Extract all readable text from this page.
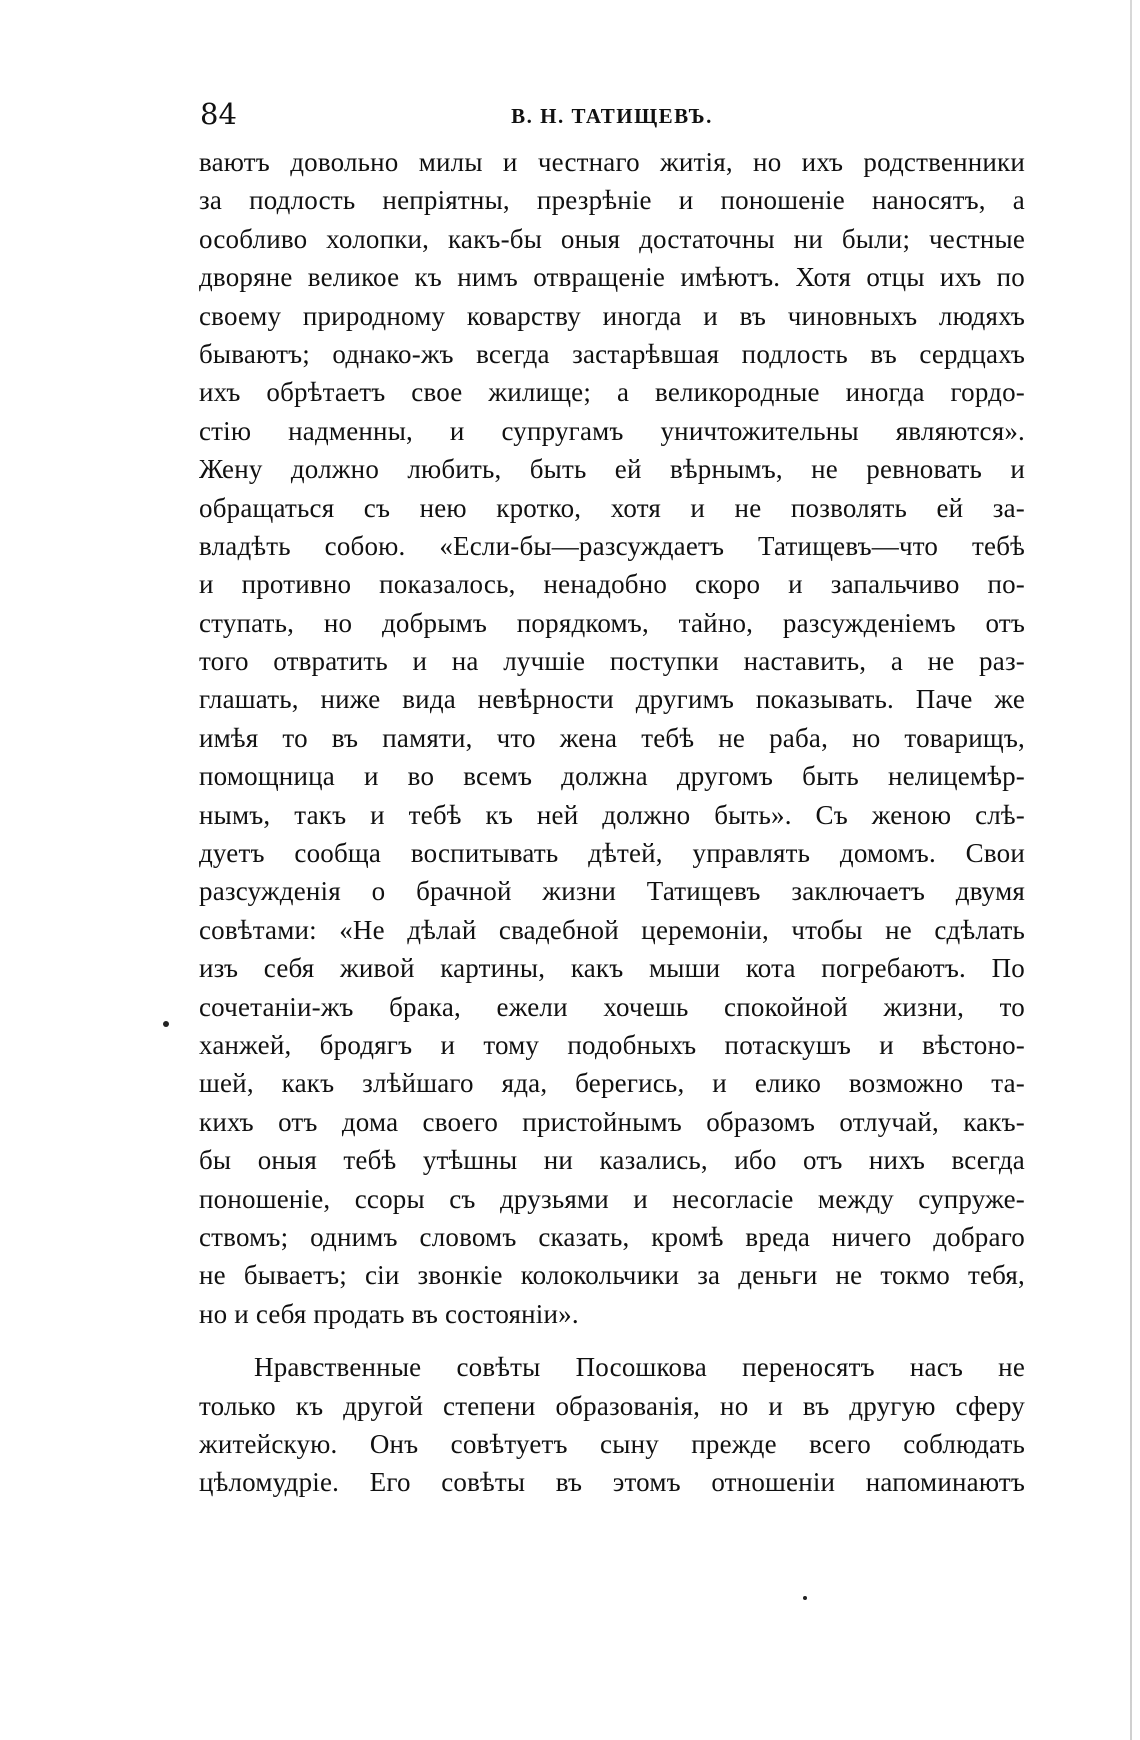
84	В. Н. ТАТИЩЕВЪ.
ваютъ довольно милы и честнаго житія, но ихъ родственники
за подлость непріятны, презрѣніе и поношеніе наносятъ, а
особливо холопки, какъ-бы оныя достаточны ни были; честные
дворяне великое къ нимъ отвращеніе имѣютъ. Хотя отцы ихъ по
своему природному коварству иногда и въ чиновныхъ людяхъ
бываютъ; однако-жъ всегда застарѣвшая подлость въ сердцахъ
ихъ обрѣтаетъ свое жилище; а великородные иногда гордо-
стію надменны, и супругамъ уничтожительны являются».
Жену должно любить, быть ей вѣрнымъ, не ревновать и
обращаться съ нею кротко, хотя и не позволять ей за-
владѣть собою. «Если-бы—разсуждаетъ Татищевъ—что тебѣ
и противно показалось, ненадобно скоро и запальчиво по-
ступать, но добрымъ порядкомъ, тайно, разсужденіемъ отъ
того отвратить и на лучшіе поступки наставить, а не раз-
глашать, ниже вида невѣрности другимъ показывать. Паче же
имѣя то въ памяти, что жена тебѣ не раба, но товарищъ,
помощница и во всемъ должна другомъ быть нелицемѣр-
нымъ, такъ и тебѣ къ ней должно быть». Съ женою слѣ-
дуетъ сообща воспитывать дѣтей, управлять домомъ. Свои
разсужденія о брачной жизни Татищевъ заключаетъ двумя
совѣтами: «Не дѣлай свадебной церемоніи, чтобы не сдѣлать
изъ себя живой картины, какъ мыши кота погребаютъ. По
сочетаніи-жъ брака, ежели хочешь спокойной жизни, то
ханжей, бродягъ и тому подобныхъ потаскушъ и вѣстоно-
шей, какъ злѣйшаго яда, берегись, и елико возможно та-
кихъ отъ дома своего пристойнымъ образомъ отлучай, какъ-
бы оныя тебѣ утѣшны ни казались, ибо отъ нихъ всегда
поношеніе, ссоры съ друзьями и несогласіе между супруже-
ствомъ; однимъ словомъ сказать, кромѣ вреда ничего добраго
не бываетъ; сіи звонкіе колокольчики за деньги не токмо тебя,
но и себя продать въ состояніи».
Нравственные совѣты Посошкова переносятъ насъ не
только къ другой степени образованія, но и въ другую сферу
житейскую. Онъ совѣтуетъ сыну прежде всего соблюдать
цѣломудріе. Его совѣты въ этомъ отношеніи напоминаютъ
